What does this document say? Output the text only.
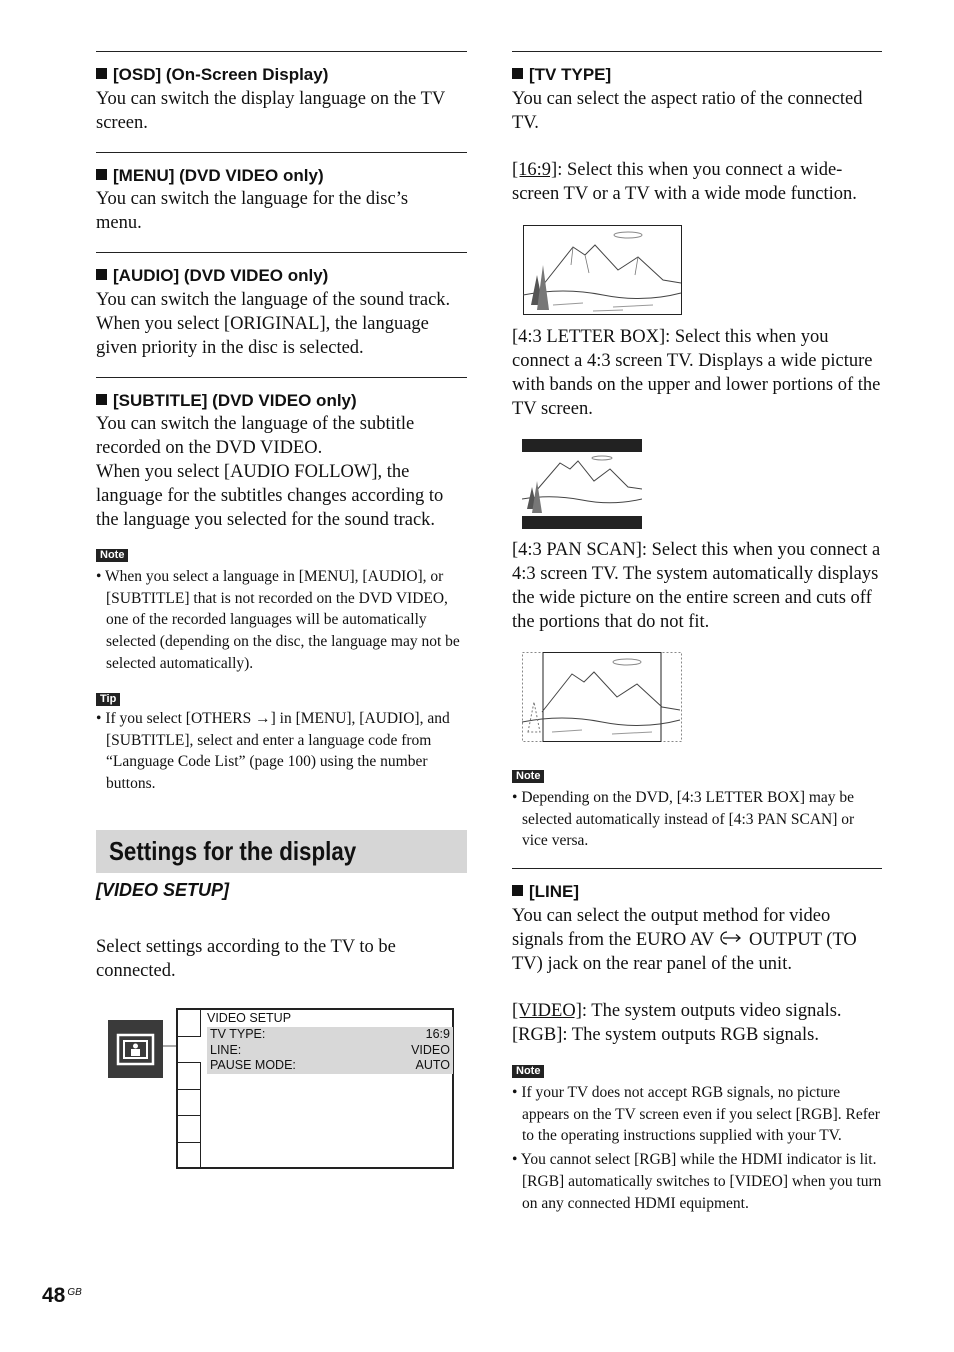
[OSD] (On-Screen Display)
You can switch the display language on the TV screen.
[MENU] (DVD VIDEO only)
You can switch the language for the disc’s menu.
[AUDIO] (DVD VIDEO only)
You can switch the language of the sound track. When you select [ORIGINAL], the language given priority in the disc is selected.
[SUBTITLE] (DVD VIDEO only)
You can switch the language of the subtitle recorded on the DVD VIDEO.
When you select [AUDIO FOLLOW], the language for the subtitles changes according to the language you selected for the sound track.
Note
• When you select a language in [MENU], [AUDIO], or [SUBTITLE] that is not recorded on the DVD VIDEO, one of the recorded languages will be automatically selected (depending on the disc, the language may not be selected automatically).
Tip
• If you select [OTHERS →] in [MENU], [AUDIO], and [SUBTITLE], select and enter a language code from “Language Code List” (page 100) using the number buttons.
Settings for the display
[VIDEO SETUP]
Select settings according to the TV to be connected.
VIDEO SETUP
TV TYPE:	16:9
LINE:	VIDEO
PAUSE MODE:	AUTO
[TV TYPE]
You can select the aspect ratio of the connected TV.
[16:9]: Select this when you connect a wide-screen TV or a TV with a wide mode function.
[4:3 LETTER BOX]: Select this when you connect a 4:3 screen TV. Displays a wide picture with bands on the upper and lower portions of the TV screen.
[4:3 PAN SCAN]: Select this when you connect a 4:3 screen TV. The system automatically displays the wide picture on the entire screen and cuts off the portions that do not fit.
Note
• Depending on the DVD, [4:3 LETTER BOX] may be selected automatically instead of [4:3 PAN SCAN] or vice versa.
[LINE]
You can select the output method for video signals from the EURO AV  OUTPUT (TO TV) jack on the rear panel of the unit.
[VIDEO]: The system outputs video signals.
[RGB]: The system outputs RGB signals.
Note
• If your TV does not accept RGB signals, no picture appears on the TV screen even if you select [RGB]. Refer to the operating instructions supplied with your TV.
• You cannot select [RGB] while the HDMI indicator is lit. [RGB] automatically switches to [VIDEO] when you turn on any connected HDMI equipment.
48 $^{GB}$
